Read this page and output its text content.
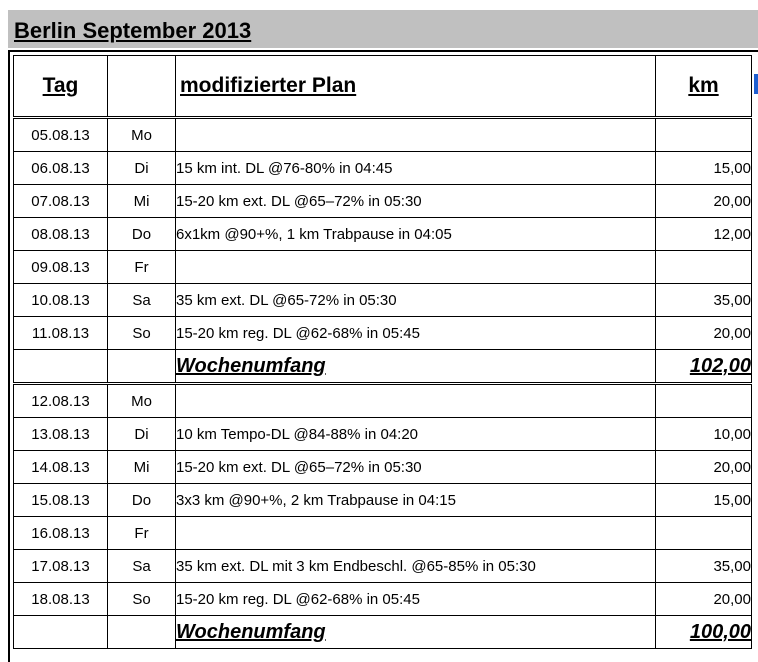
Berlin September 2013
Tag		modifizierter Plan	km
05.08.13	Mo		
06.08.13	Di	15 km int. DL @76-80% in 04:45	15,00
07.08.13	Mi	15-20 km ext. DL @65–72% in 05:30	20,00
08.08.13	Do	6x1km @90+%, 1 km Trabpause in 04:05	12,00
09.08.13	Fr		
10.08.13	Sa	35 km ext. DL @65-72% in 05:30	35,00
11.08.13	So	15-20 km reg. DL @62-68% in 05:45	20,00
		Wochenumfang	102,00
12.08.13	Mo		
13.08.13	Di	10 km Tempo-DL @84-88% in 04:20	10,00
14.08.13	Mi	15-20 km ext. DL @65–72% in 05:30	20,00
15.08.13	Do	3x3 km @90+%, 2 km Trabpause in 04:15	15,00
16.08.13	Fr		
17.08.13	Sa	35 km ext. DL mit 3 km Endbeschl. @65-85% in 05:30	35,00
18.08.13	So	15-20 km reg. DL @62-68% in 05:45	20,00
		Wochenumfang	100,00
